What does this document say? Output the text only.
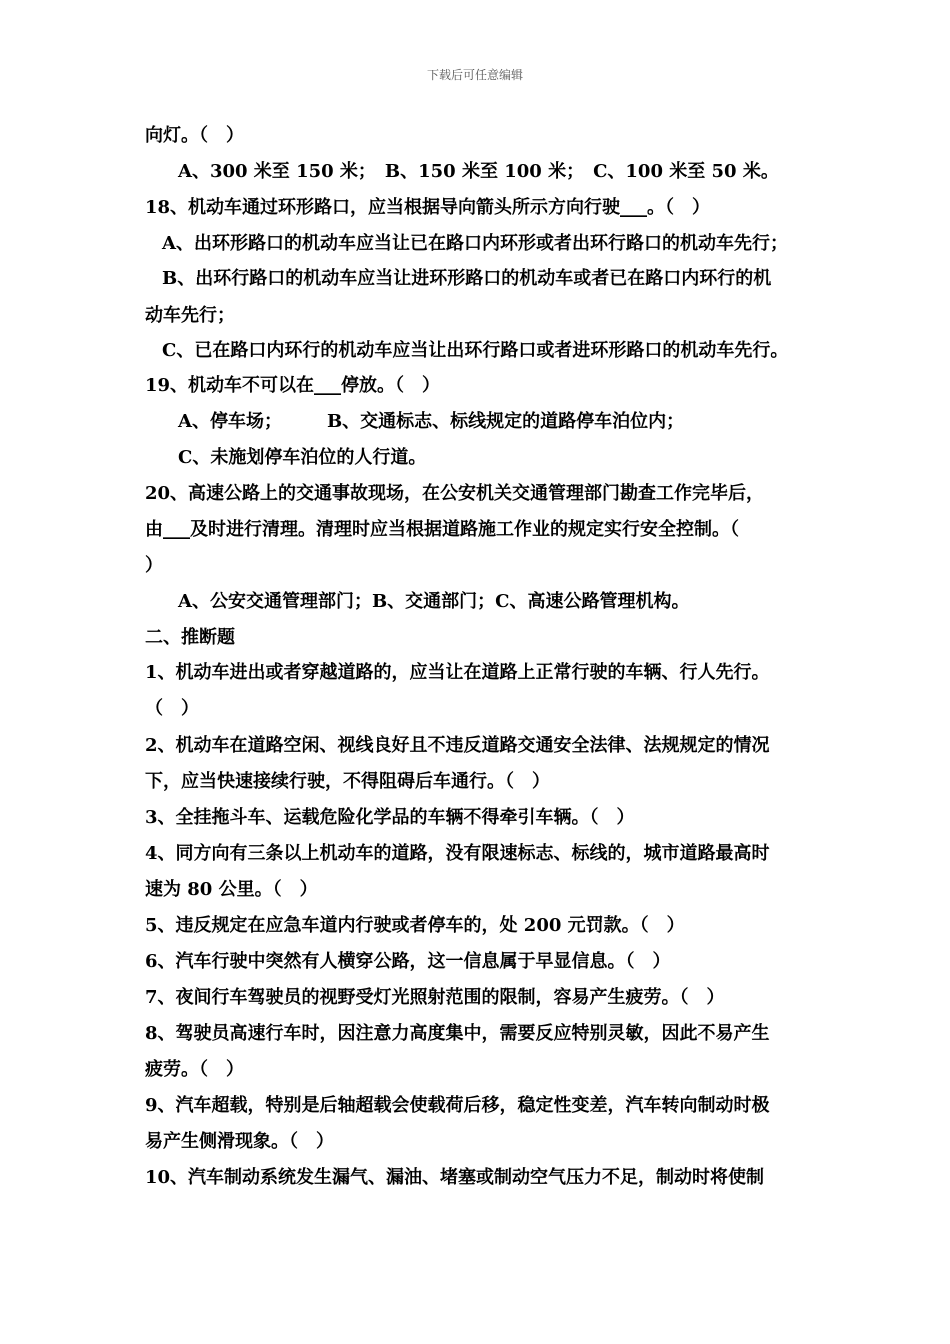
下载后可任意编辑
向灯。（　）
A、300 米至 150 米；　B、150 米至 100 米；　C、100 米至 50 米。
18、机动车通过环形路口，应当根据导向箭头所示方向行驶___。（　）
A、出环形路口的机动车应当让已在路口内环形或者出环行路口的机动车先行；
B、出环行路口的机动车应当让进环形路口的机动车或者已在路口内环行的机
动车先行；
C、已在路口内环行的机动车应当让出环行路口或者进环形路口的机动车先行。
19、机动车不可以在___停放。（　）
A、停车场；　　　B、交通标志、标线规定的道路停车泊位内；
C、未施划停车泊位的人行道。
20、高速公路上的交通事故现场，在公安机关交通管理部门勘查工作完毕后，
由___及时进行清理。清理时应当根据道路施工作业的规定实行安全控制。（
）
A、公安交通管理部门；B、交通部门；C、高速公路管理机构。
二、推断题
1、机动车进出或者穿越道路的，应当让在道路上正常行驶的车辆、行人先行。
（　）
2、机动车在道路空闲、视线良好且不违反道路交通安全法律、法规规定的情况
下，应当快速接续行驶，不得阻碍后车通行。（　）
3、全挂拖斗车、运载危险化学品的车辆不得牵引车辆。（　）
4、同方向有三条以上机动车的道路，没有限速标志、标线的，城市道路最高时
速为 80 公里。（　）
5、违反规定在应急车道内行驶或者停车的，处 200 元罚款。（　）
6、汽车行驶中突然有人横穿公路，这一信息属于早显信息。（　）
7、夜间行车驾驶员的视野受灯光照射范围的限制，容易产生疲劳。（　）
8、驾驶员高速行车时，因注意力高度集中，需要反应特别灵敏，因此不易产生
疲劳。（　）
9、汽车超载，特别是后轴超载会使载荷后移，稳定性变差，汽车转向制动时极
易产生侧滑现象。（　）
10、汽车制动系统发生漏气、漏油、堵塞或制动空气压力不足，制动时将使制
